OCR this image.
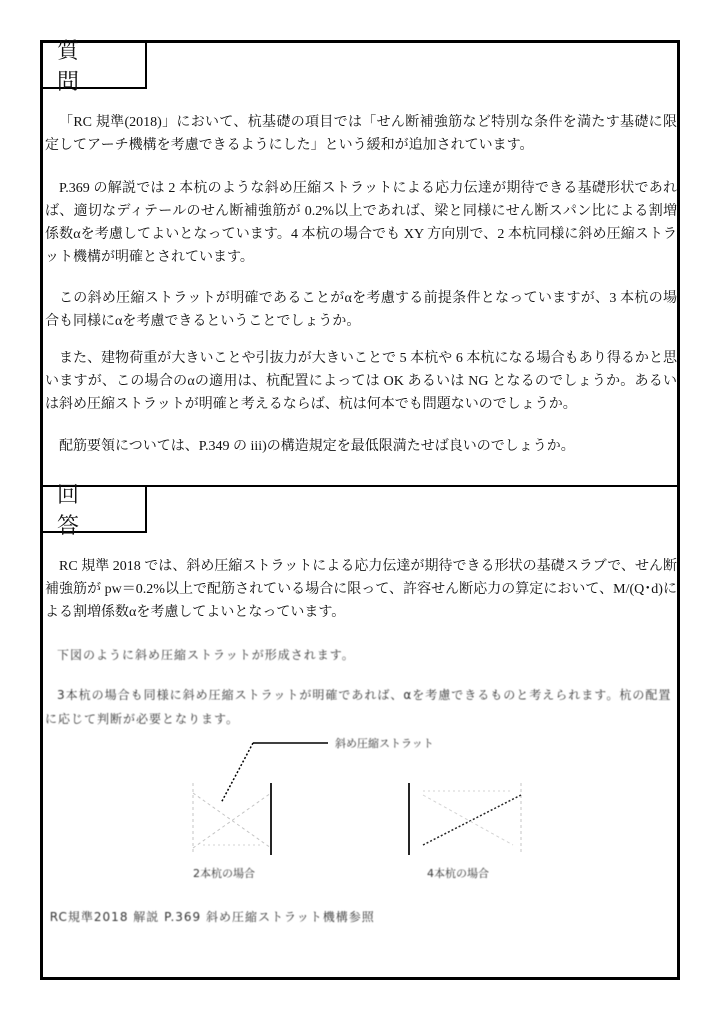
質　問

「RC 規準(2018)」において、杭基礎の項目では「せん断補強筋など特別な条件を満たす基礎に限定してアーチ機構を考慮できるようにした」という緩和が追加されています。

P.369 の解説では 2 本杭のような斜め圧縮ストラットによる応力伝達が期待できる基礎形状であれば、適切なディテールのせん断補強筋が 0.2%以上であれば、梁と同様にせん断スパン比による割増係数αを考慮してよいとなっています。4 本杭の場合でも XY 方向別で、2 本杭同様に斜め圧縮ストラット機構が明確とされています。

この斜め圧縮ストラットが明確であることがαを考慮する前提条件となっていますが、3 本杭の場合も同様にαを考慮できるということでしょうか。

また、建物荷重が大きいことや引抜力が大きいことで 5 本杭や 6 本杭になる場合もあり得るかと思いますが、この場合のαの適用は、杭配置によっては OK あるいは NG となるのでしょうか。あるいは斜め圧縮ストラットが明確と考えるならば、杭は何本でも問題ないのでしょうか。

配筋要領については、P.349 の iii)の構造規定を最低限満たせば良いのでしょうか。

回　答

RC 規準 2018 では、斜め圧縮ストラットによる応力伝達が期待できる形状の基礎スラブで、せん断補強筋が pw＝0.2%以上で配筋されている場合に限って、許容せん断応力の算定において、M/(Q･d)による割増係数αを考慮してよいとなっています。

下図のように斜め圧縮ストラットが形成されます。

3本杭の場合も同様に斜め圧縮ストラットが明確であれば、αを考慮できるものと考えられます。杭の配置に応じて判断が必要となります。

斜め圧縮ストラット
2本杭の場合	4本杭の場合

RC規準2018 解説 P.369 斜め圧縮ストラット機構参照
